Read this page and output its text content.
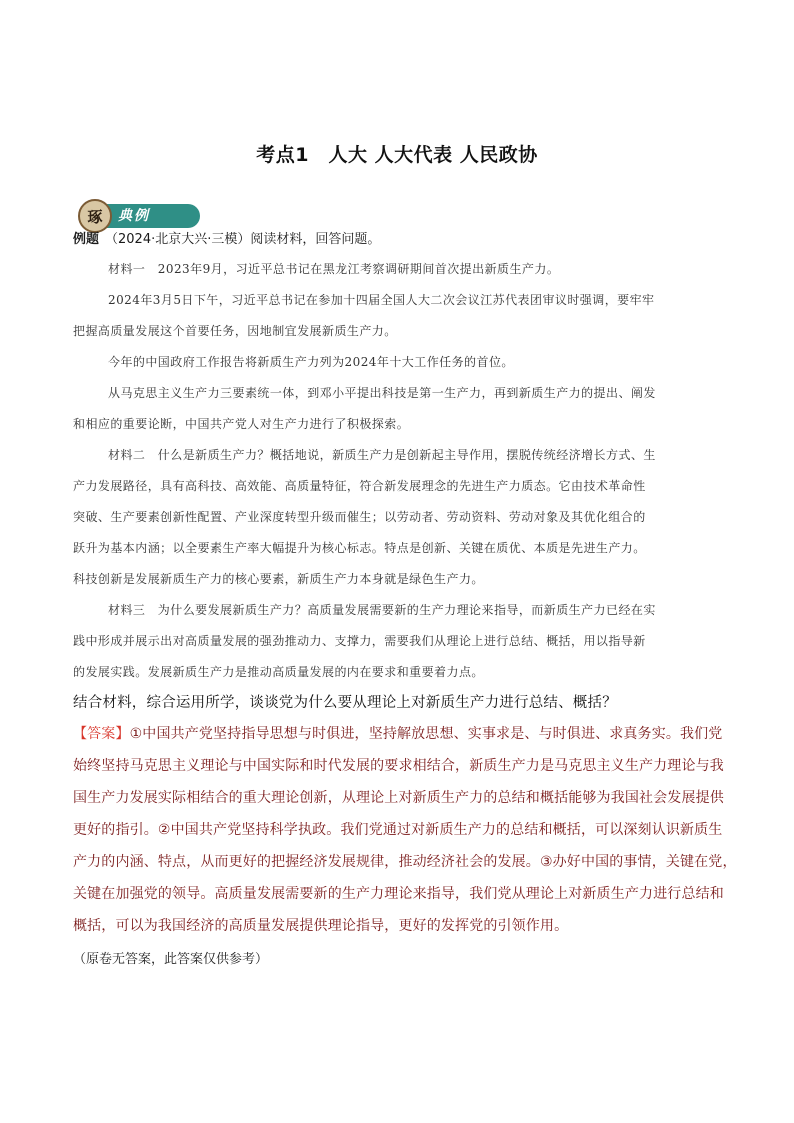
考点1　人大 人大代表 人民政协
典例
琢
例题 （2024·北京大兴·三模）阅读材料，回答问题。
材料一　2023年9月，习近平总书记在黑龙江考察调研期间首次提出新质生产力。
2024年3月5日下午，习近平总书记在参加十四届全国人大二次会议江苏代表团审议时强调，要牢牢
把握高质量发展这个首要任务，因地制宜发展新质生产力。
今年的中国政府工作报告将新质生产力列为2024年十大工作任务的首位。
从马克思主义生产力三要素统一体，到邓小平提出科技是第一生产力，再到新质生产力的提出、阐发
和相应的重要论断，中国共产党人对生产力进行了积极探索。
材料二　什么是新质生产力？概括地说，新质生产力是创新起主导作用，摆脱传统经济增长方式、生
产力发展路径，具有高科技、高效能、高质量特征，符合新发展理念的先进生产力质态。它由技术革命性
突破、生产要素创新性配置、产业深度转型升级而催生；以劳动者、劳动资料、劳动对象及其优化组合的
跃升为基本内涵；以全要素生产率大幅提升为核心标志。特点是创新、关键在质优、本质是先进生产力。
科技创新是发展新质生产力的核心要素，新质生产力本身就是绿色生产力。
材料三　为什么要发展新质生产力？高质量发展需要新的生产力理论来指导，而新质生产力已经在实
践中形成并展示出对高质量发展的强劲推动力、支撑力，需要我们从理论上进行总结、概括，用以指导新
的发展实践。发展新质生产力是推动高质量发展的内在要求和重要着力点。
结合材料，综合运用所学，谈谈党为什么要从理论上对新质生产力进行总结、概括？
【答案】①中国共产党坚持指导思想与时俱进，坚持解放思想、实事求是、与时俱进、求真务实。我们党
始终坚持马克思主义理论与中国实际和时代发展的要求相结合，新质生产力是马克思主义生产力理论与我
国生产力发展实际相结合的重大理论创新，从理论上对新质生产力的总结和概括能够为我国社会发展提供
更好的指引。②中国共产党坚持科学执政。我们党通过对新质生产力的总结和概括，可以深刻认识新质生
产力的内涵、特点，从而更好的把握经济发展规律，推动经济社会的发展。③办好中国的事情，关键在党，
关键在加强党的领导。高质量发展需要新的生产力理论来指导，我们党从理论上对新质生产力进行总结和
概括，可以为我国经济的高质量发展提供理论指导，更好的发挥党的引领作用。
（原卷无答案，此答案仅供参考）
